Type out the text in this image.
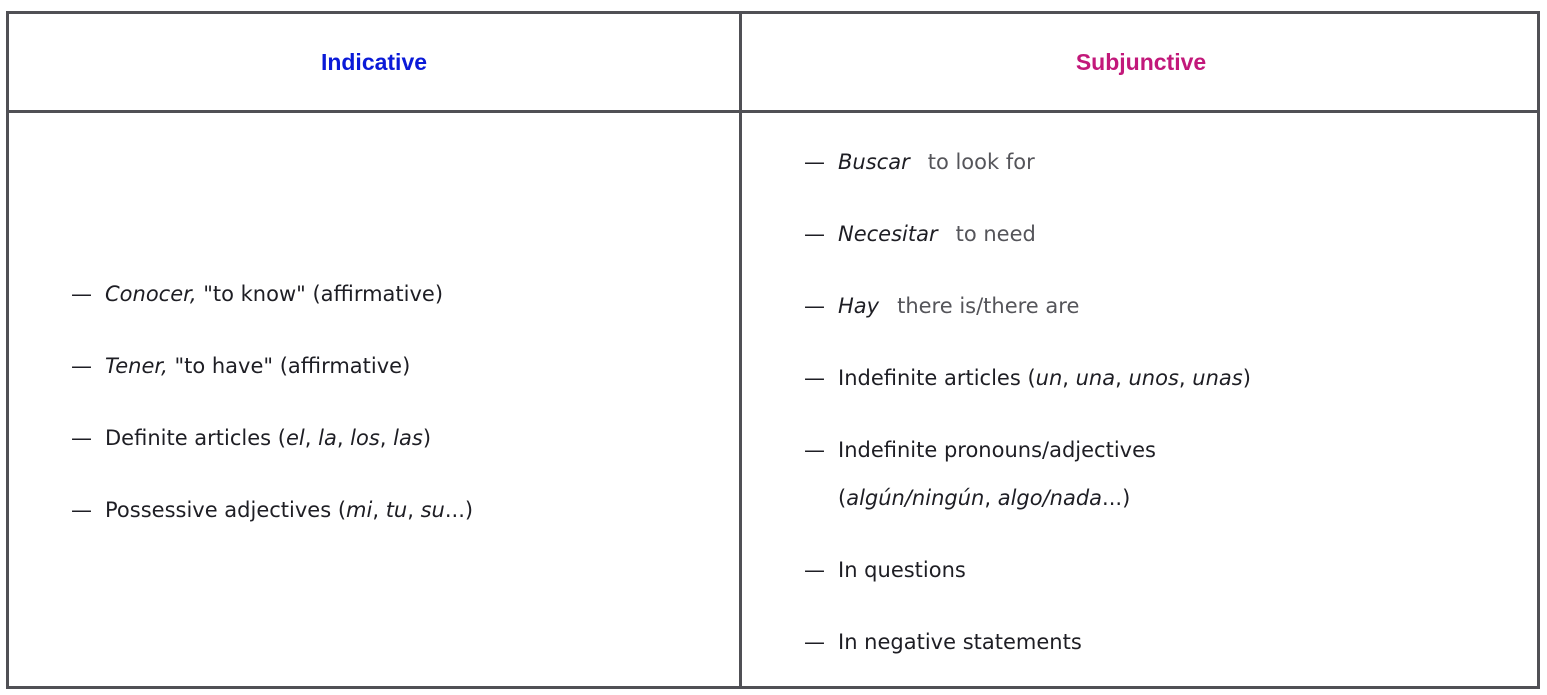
Indicative	Subjunctive
— Conocer, "to know" (affirmative)
— Tener, "to have" (affirmative)
— Definite articles (el, la, los, las)
— Possessive adjectives (mi, tu, su...)
— Buscar to look for
— Necesitar to need
— Hay there is/there are
— Indefinite articles (un, una, unos, unas)
— Indefinite pronouns/adjectives
(algún/ningún, algo/nada...)
— In questions
— In negative statements
